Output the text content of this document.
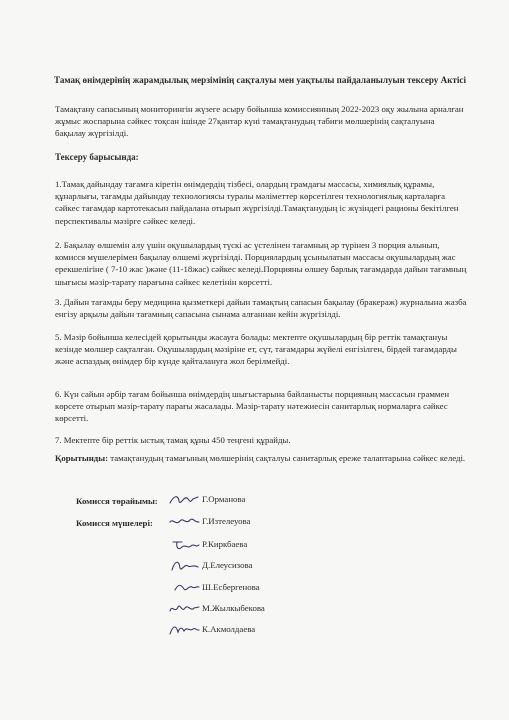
Тамақ өнімдерінің жарамдылық мерзімінің сақталуы мен уақтылы пайдаланылуын тексеру Актісі
Тамақтану сапасының мониторингін жүзеге асыру бойынша комиссиянның 2022-2023 оқу жылына арналған жұмыс жоспарына сәйкес тоқсан ішінде 27қантар күні тамақтанудың табиғи мөлшерінің сақталуына бақылау жүргізілді.
Тексеру барысында:
1.Тамақ дайындау тағамға кіретін өнімдердің тізбесі, олардың грамдағы массасы, химиялық құрамы, құнарлығы, тағамды дайындау технологиясы туралы мәліметтер көрсетілген технологиялық карталарға сәйкес тағамдар картотекасын пайдалана отырып жүргізілді.Тамақтанудың іс жүзіндегі рационы бекітілген перспективалы мәзірге сәйкес келеді.
2. Бақылау өлшемін алу үшін оқушылардың түскі ас үстелінен тағамның әр түрінен 3 порция алынып, комисся мүшелерімен бақылау өлшемі жүргізілді. Порциялардың ұсынылатын массасы оқушылардың жас ерекшелігіне ( 7-10 жас )және (11-18жас) сәйкес келеді.Порцияны өлшеу барлық тағамдарда дайын тағамның шығысы мәзір-тарату парағына сәйкес келетінін көрсетті.
3. Дайын тағамды беру медицина қызметкері дайын тамақтың сапасын бақылау (бракераж) журналына жазба енгізу арқылы дайын тағамның сапасына сынама алғаннан кейін жүргізілді.
5. Мәзір бойынша келесідей қорытынды жасауға болады: мектепте оқушылардың бір реттік тамақтануы кезінде мөлшер сақталған. Оқушылардың мәзіріне ет, сүт, тағамдары жүйелі енгізілген, бірдей тағамдарды және аспаздық өнімдер бір күнде қайталануға жол берілмейді.
6. Күн сайын әрбір тағам бойынша өнімдердің шығыстарына байланысты порцияның массасын граммен көрсете отырып мәзір-тарату парағы жасалады. Мәзір-тарату нәтежиесін санитарлық нормаларға сәйкес көрсетті.
7. Мектепте бір реттік ыстық тамақ құны 450 теңгені құрайды.
Қорытынды: тамақтанудың тамағының мөлшерінің сақталуы санитарлық ереже талаптарына сәйкес келеді.
Комисся төрайымы:	Г.Орманова
Комисся мүшелері:	Г.Изтелеуова
Р.Киркбаева
Д.Елеусизова
Ш.Есбергенова
М.Жылкыбекова
К.Акмолдаева
